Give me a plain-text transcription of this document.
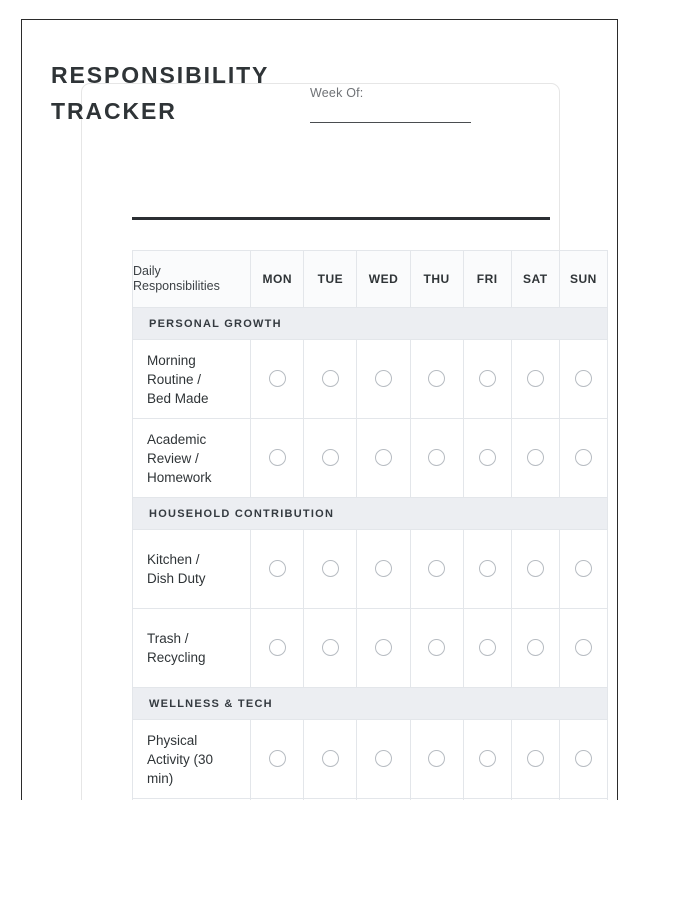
RESPONSIBILITY
TRACKER
Week Of:
Daily
Responsibilities	MON	TUE	WED	THU	FRI	SAT	SUN
PERSONAL GROWTH							

Morning
Routine /
Bed Made							

Academic
Review /
Homework							

HOUSEHOLD CONTRIBUTION							

Kitchen /
Dish Duty							

Trash /
Recycling							

WELLNESS & TECH							

Physical
Activity (30
min)							
